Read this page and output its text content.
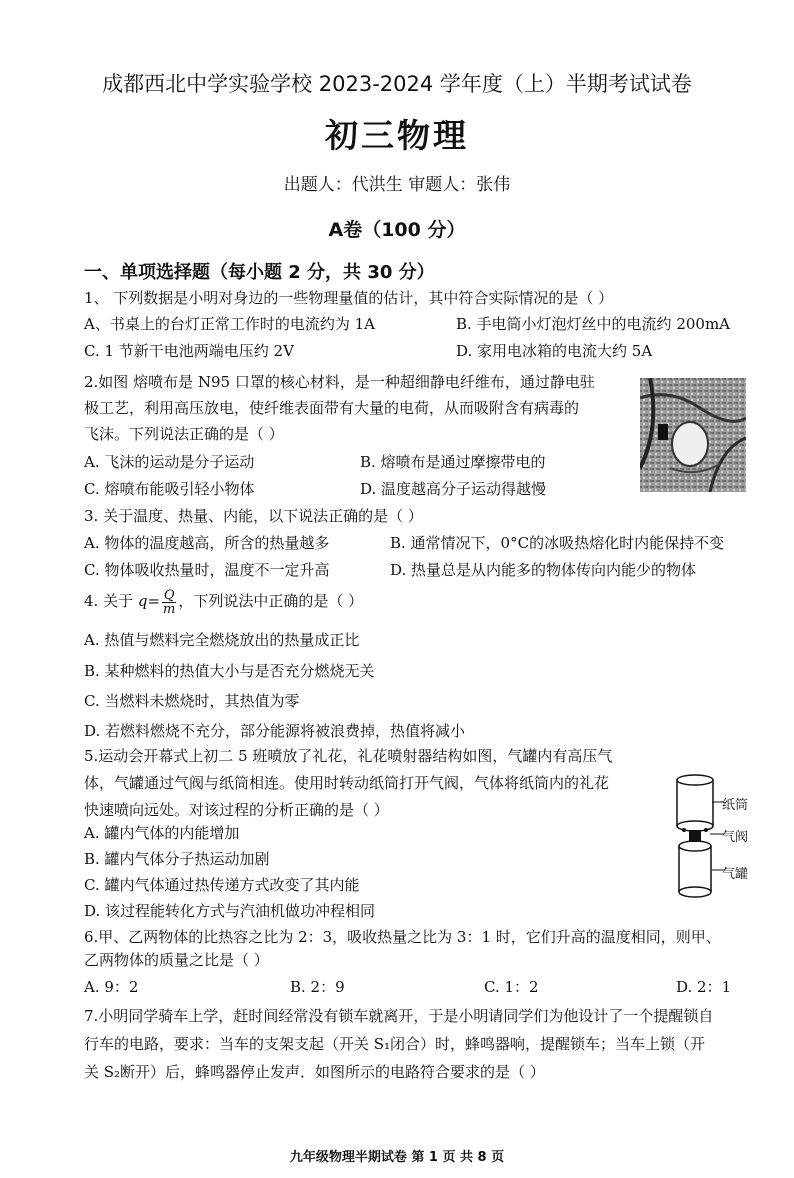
成都西北中学实验学校 2023-2024 学年度（上）半期考试试卷
初三物理
出题人：代洪生 审题人：张伟
A卷（100 分）
一、单项选择题（每小题 2 分，共 30 分）
1、 下列数据是小明对身边的一些物理量值的估计，其中符合实际情况的是（ ）
A、书桌上的台灯正常工作时的电流约为 1A	B. 手电筒小灯泡灯丝中的电流约 200mA
C. 1 节新干电池两端电压约 2V	D. 家用电冰箱的电流大约 5A
2.如图 熔喷布是 N95 口罩的核心材料，是一种超细静电纤维布，通过静电驻
极工艺，利用高压放电，使纤维表面带有大量的电荷，从而吸附含有病毒的
飞沫。下列说法正确的是（ ）
A. 飞沫的运动是分子运动	B. 熔喷布是通过摩擦带电的
C. 熔喷布能吸引轻小物体	D. 温度越高分子运动得越慢
3. 关于温度、热量、内能，以下说法正确的是（ ）
A. 物体的温度越高，所含的热量越多	B. 通常情况下，0°C的冰吸热熔化时内能保持不变
C. 物体吸收热量时，温度不一定升高	D. 热量总是从内能多的物体传向内能少的物体
4. 关于 $q= \frac{Q}{m}$ ，下列说法中正确的是（ ）
A. 热值与燃料完全燃烧放出的热量成正比
B. 某种燃料的热值大小与是否充分燃烧无关
C. 当燃料未燃烧时，其热值为零
D. 若燃料燃烧不充分，部分能源将被浪费掉，热值将减小
5.运动会开幕式上初二 5 班喷放了礼花，礼花喷射器结构如图，气罐内有高压气
体，气罐通过气阀与纸筒相连。使用时转动纸筒打开气阀，气体将纸筒内的礼花
快速喷向远处。对该过程的分析正确的是（ ）
A. 罐内气体的内能增加
B. 罐内气体分子热运动加剧
C. 罐内气体通过热传递方式改变了其内能
D. 该过程能转化方式与汽油机做功冲程相同
纸筒
气阀
气罐
6.甲、乙两物体的比热容之比为 2：3，吸收热量之比为 3：1 时，它们升高的温度相同，则甲、
乙两物体的质量之比是（ ）
A. 9：2	B. 2：9	C. 1：2	D. 2：1
7.小明同学骑车上学，赶时间经常没有锁车就离开，于是小明请同学们为他设计了一个提醒锁自
行车的电路，要求：当车的支架支起（开关 S₁闭合）时，蜂鸣器响，提醒锁车；当车上锁（开
关 S₂断开）后，蜂鸣器停止发声．如图所示的电路符合要求的是（ ）
九年级物理半期试卷 第 1 页 共 8 页
